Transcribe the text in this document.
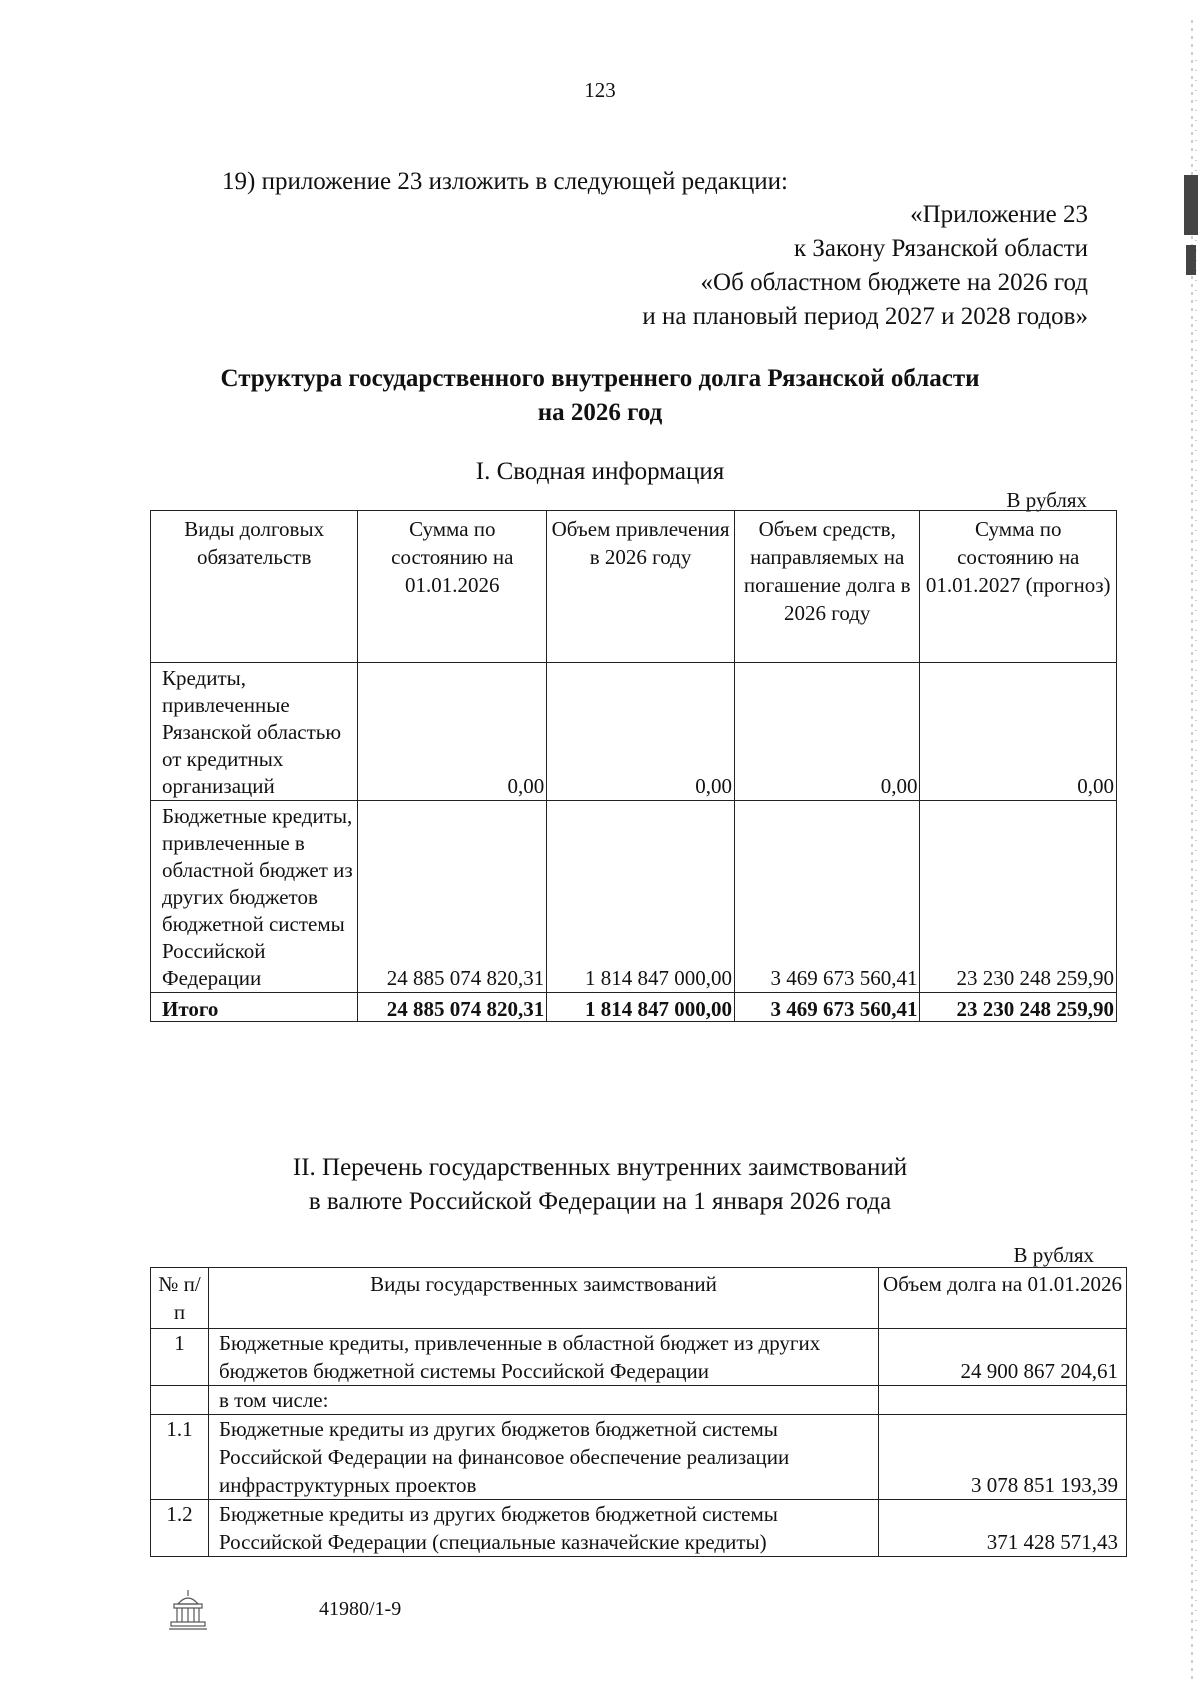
123
19) приложение 23 изложить в следующей редакции:
«Приложение 23
к Закону Рязанской области
«Об областном бюджете на 2026 год
и на плановый период 2027 и 2028 годов»
Структура государственного внутреннего долга Рязанской области
на 2026 год
I. Сводная информация
В рублях
Виды долговых обязательств	Сумма по состоянию на 01.01.2026	Объем привлечения в 2026 году	Объем средств, направляемых на погашение долга в 2026 году	Сумма по состоянию на 01.01.2027 (прогноз)
Кредиты, привлеченные Рязанской областью от кредитных организаций	0,00	0,00	0,00	0,00
Бюджетные кредиты, привлеченные в областной бюджет из других бюджетов бюджетной системы Российской Федерации	24 885 074 820,31	1 814 847 000,00	3 469 673 560,41	23 230 248 259,90
Итого	24 885 074 820,31	1 814 847 000,00	3 469 673 560,41	23 230 248 259,90
II. Перечень государственных внутренних заимствований
в валюте Российской Федерации на 1 января 2026 года
В рублях
№ п/п	Виды государственных заимствований	Объем долга на 01.01.2026
1	Бюджетные кредиты, привлеченные в областной бюджет из других бюджетов бюджетной системы Российской Федерации	24 900 867 204,61
	в том числе:	
1.1	Бюджетные кредиты из других бюджетов бюджетной системы Российской Федерации на финансовое обеспечение реализации инфраструктурных проектов	3 078 851 193,39
1.2	Бюджетные кредиты из других бюджетов бюджетной системы Российской Федерации (специальные казначейские кредиты)	371 428 571,43
41980/1-9
